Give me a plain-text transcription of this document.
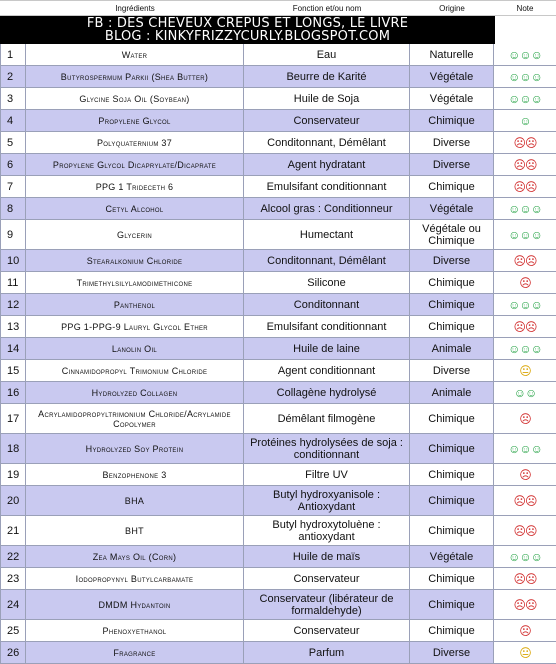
Ingrédients	Fonction et/ou nom	Origine	Note
FB : DES CHEVEUX CREPUS ET LONGS, LE LIVRE
BLOG : KINKYFRIZZYCURLY.BLOGSPOT.COM
1	Water	Eau	Naturelle	☺☺☺
2	Butyrospermum Parkii (Shea Butter)	Beurre de Karité	Végétale	☺☺☺
3	Glycine Soja Oil (Soybean)	Huile de Soja	Végétale	☺☺☺
4	Propylene Glycol	Conservateur	Chimique	☺
5	Polyquaternium 37	Conditonnant, Démêlant	Diverse	☹☹
6	Propylene Glycol Dicaprylate/Dicaprate	Agent hydratant	Diverse	☹☹
7	PPG 1 Trideceth 6	Emulsifant conditionnant	Chimique	☹☹
8	Cetyl Alcohol	Alcool gras : Conditionneur	Végétale	☺☺☺
9	Glycerin	Humectant	Végétale ou Chimique	☺☺☺
10	Stearalkonium Chloride	Conditonnant, Démêlant	Diverse	☹☹
11	Trimethylsilylamodimethicone	Silicone	Chimique	☹
12	Panthenol	Conditonnant	Chimique	☺☺☺
13	PPG 1-PPG-9 Lauryl Glycol Ether	Emulsifant conditionnant	Chimique	☹☹
14	Lanolin Oil	Huile de laine	Animale	☺☺☺
15	Cinnamidopropyl Trimonium Chloride	Agent conditionnant	Diverse	😐
16	Hydrolyzed Collagen	Collagène hydrolysé	Animale	☺☺
17	Acrylamidopropyltrimonium Chloride/Acrylamide Copolymer	Démêlant filmogène	Chimique	☹
18	Hydrolyzed Soy Protein	Protéines hydrolysées de soja : conditionnant	Chimique	☺☺☺
19	Benzophenone 3	Filtre UV	Chimique	☹
20	BHA	Butyl hydroxyanisole : Antioxydant	Chimique	☹☹
21	BHT	Butyl hydroxytoluène : antioxydant	Chimique	☹☹
22	Zea Mays Oil (Corn)	Huile de maïs	Végétale	☺☺☺
23	Iodopropynyl Butylcarbamate	Conservateur	Chimique	☹☹
24	DMDM Hydantoin	Conservateur (libérateur de formaldehyde)	Chimique	☹☹
25	Phenoxyethanol	Conservateur	Chimique	☹
26	Fragrance	Parfum	Diverse	😐
